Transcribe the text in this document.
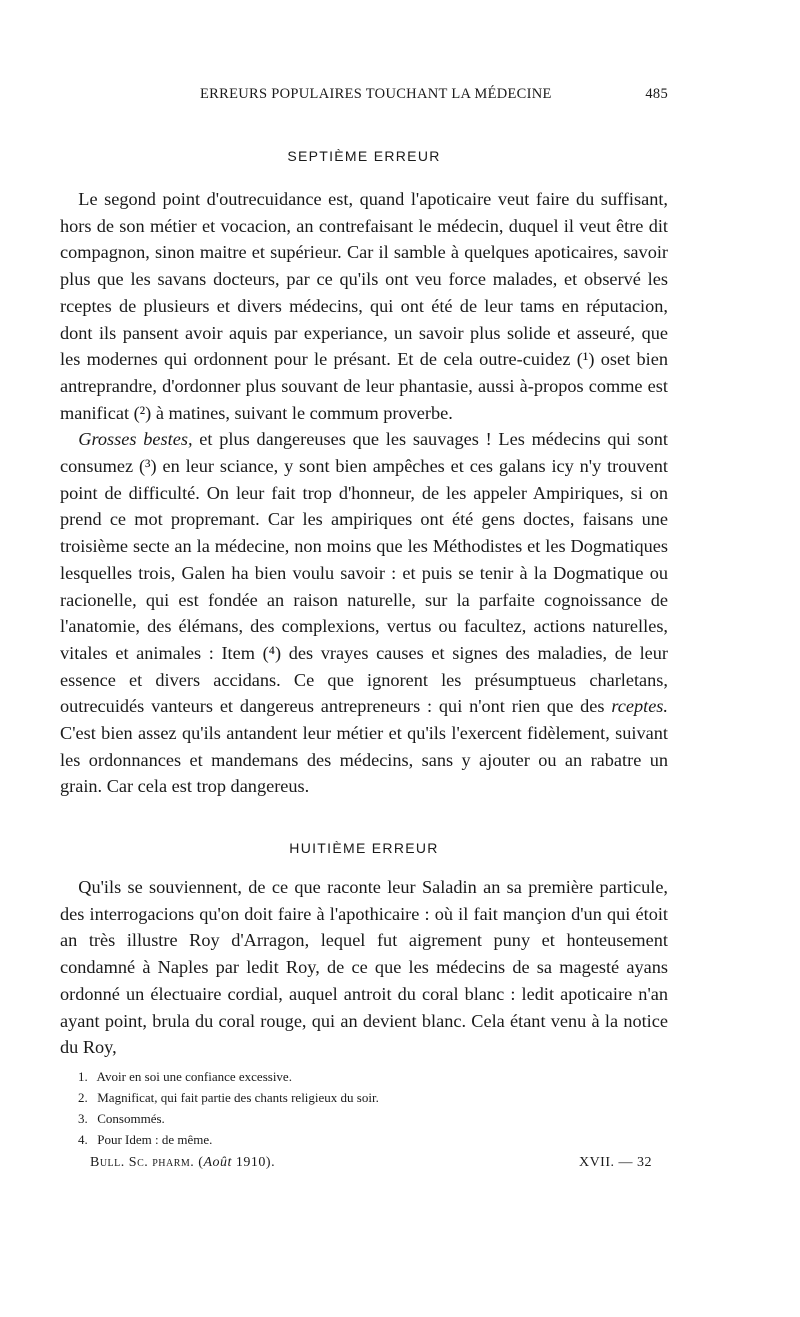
ERREURS POPULAIRES TOUCHANT LA MÉDECINE	485
SEPTIÈME ERREUR

 Le segond point d'outrecuidance est, quand l'apoticaire veut faire du suffisant, hors de son métier et vocacion, an contrefaisant le médecin, duquel il veut être dit compagnon, sinon maitre et supérieur. Car il samble à quelques apoticaires, savoir plus que les savans docteurs, par ce qu'ils ont veu force malades, et observé les rceptes de plusieurs et divers médecins, qui ont été de leur tams en réputacion, dont ils pansent avoir aquis par experiance, un savoir plus solide et asseuré, que les modernes qui ordonnent pour le présant. Et de cela outre-cuidez (¹) oset bien antreprandre, d'ordonner plus souvant de leur phantasie, aussi à-propos comme est manificat (²) à matines, suivant le commum proverbe.

 Grosses bestes, et plus dangereuses que les sauvages ! Les médecins qui sont consumez (³) en leur sciance, y sont bien ampêches et ces galans icy n'y trouvent point de difficulté. On leur fait trop d'honneur, de les appeler Ampiriques, si on prend ce mot propremant. Car les ampiriques ont été gens doctes, faisans une troisième secte an la médecine, non moins que les Méthodistes et les Dogmatiques lesquelles trois, Galen ha bien voulu savoir : et puis se tenir à la Dogmatique ou racionelle, qui est fondée an raison naturelle, sur la parfaite cognoissance de l'anatomie, des élémans, des complexions, vertus ou facultez, actions naturelles, vitales et animales : Item (⁴) des vrayes causes et signes des maladies, de leur essence et divers accidans. Ce que ignorent les présumptueus charletans, outrecuidés vanteurs et dangereus antrepreneurs : qui n'ont rien que des rceptes. C'est bien assez qu'ils antandent leur métier et qu'ils l'exercent fidèlement, suivant les ordonnances et mandemans des médecins, sans y ajouter ou an rabatre un grain. Car cela est trop dangereus.

HUITIÈME ERREUR

 Qu'ils se souviennent, de ce que raconte leur Saladin an sa première particule, des interrogacions qu'on doit faire à l'apothicaire : où il fait mançion d'un qui étoit an très illustre Roy d'Arragon, lequel fut aigrement puny et honteusement condamné à Naples par ledit Roy, de ce que les médecins de sa magesté ayans ordonné un électuaire cordial, auquel antroit du coral blanc : ledit apoticaire n'an ayant point, brula du coral rouge, qui an devient blanc. Cela étant venu à la notice du Roy,

1. Avoir en soi une confiance excessive.
2. Magnificat, qui fait partie des chants religieux du soir.
3. Consommés.
4. Pour Idem : de même.
Bull. Sc. pharm. (Août 1910).	XVII. — 32
